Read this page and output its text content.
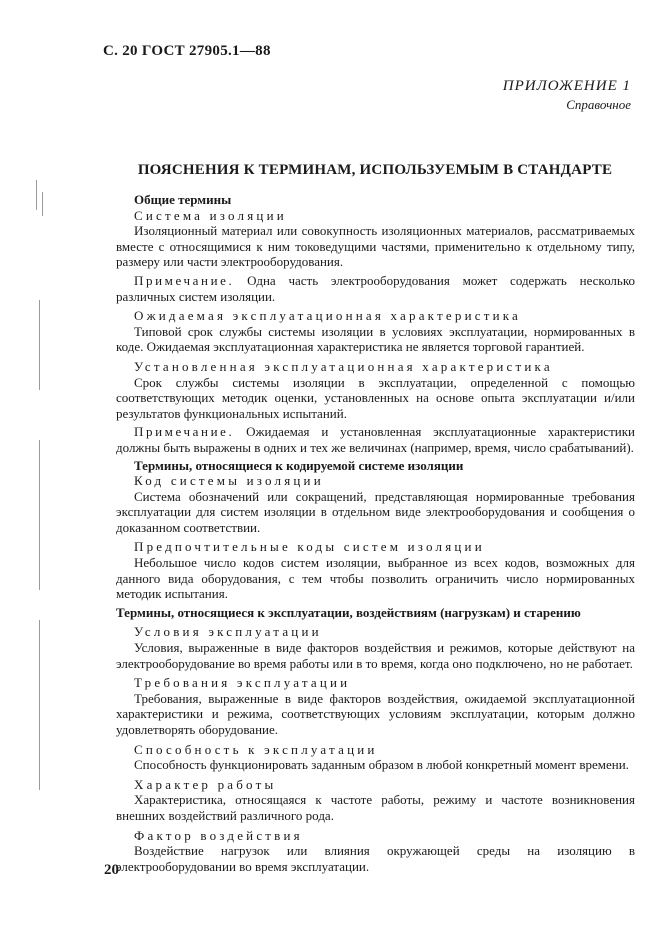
С. 20 ГОСТ 27905.1—88
ПРИЛОЖЕНИЕ 1
Справочное
ПОЯСНЕНИЯ К ТЕРМИНАМ, ИСПОЛЬЗУЕМЫМ В СТАНДАРТЕ
Общие термины
Система изоляции

Изоляционный материал или совокупность изоляционных материалов, рассматриваемых вместе с относящимися к ним токоведущими частями, применительно к отдельному типу, размеру или части электрооборудования.

Примечание. Одна часть электрооборудования может содержать несколько различных систем изоляции.

Ожидаемая эксплуатационная характеристика

Типовой срок службы системы изоляции в условиях эксплуатации, нормированных в коде. Ожидаемая эксплуатационная характеристика не является торговой гарантией.

Установленная эксплуатационная характеристика

Срок службы системы изоляции в эксплуатации, определенной с помощью соответствующих методик оценки, установленных на основе опыта эксплуатации и/или результатов функциональных испытаний.

Примечание. Ожидаемая и установленная эксплуатационные характеристики должны быть выражены в одних и тех же величинах (например, время, число срабатываний).

Термины, относящиеся к кодируемой системе изоляции
Код системы изоляции

Система обозначений или сокращений, представляющая нормированные требования эксплуатации для систем изоляции в отдельном виде электрооборудования и сообщения о доказанном соответствии.

Предпочтительные коды систем изоляции

Небольшое число кодов систем изоляции, выбранное из всех кодов, возможных для данного вида оборудования, с тем чтобы позволить ограничить число нормированных методик испытания.

Термины, относящиеся к эксплуатации, воздействиям (нагрузкам) и старению
Условия эксплуатации

Условия, выраженные в виде факторов воздействия и режимов, которые действуют на электрооборудование во время работы или в то время, когда оно подключено, но не работает.

Требования эксплуатации

Требования, выраженные в виде факторов воздействия, ожидаемой эксплуатационной характеристики и режима, соответствующих условиям эксплуатации, которым должно удовлетворять оборудование.

Способность к эксплуатации

Способность функционировать заданным образом в любой конкретный момент времени.

Характер работы

Характеристика, относящаяся к частоте работы, режиму и частоте возникновения внешних воздействий различного рода.

Фактор воздействия

Воздействие нагрузок или влияния окружающей среды на изоляцию в электрооборудовании во время эксплуатации.

20
